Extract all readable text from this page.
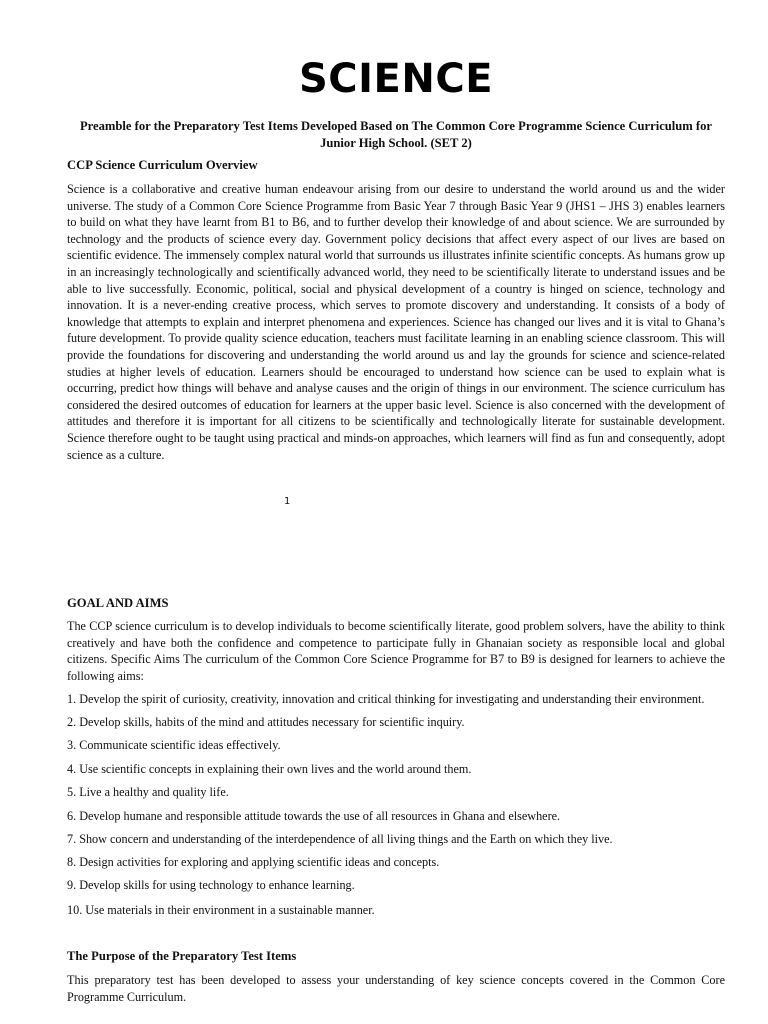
SCIENCE
Preamble for the Preparatory Test Items Developed Based on The Common Core Programme Science Curriculum for Junior High School. (SET 2)
CCP Science Curriculum Overview
Science is a collaborative and creative human endeavour arising from our desire to understand the world around us and the wider universe. The study of a Common Core Science Programme from Basic Year 7 through Basic Year 9 (JHS1 – JHS 3) enables learners to build on what they have learnt from B1 to B6, and to further develop their knowledge of and about science. We are surrounded by technology and the products of science every day. Government policy decisions that affect every aspect of our lives are based on scientific evidence. The immensely complex natural world that surrounds us illustrates infinite scientific concepts. As humans grow up in an increasingly technologically and scientifically advanced world, they need to be scientifically literate to understand issues and be able to live successfully. Economic, political, social and physical development of a country is hinged on science, technology and innovation. It is a never-ending creative process, which serves to promote discovery and understanding. It consists of a body of knowledge that attempts to explain and interpret phenomena and experiences. Science has changed our lives and it is vital to Ghana’s future development. To provide quality science education, teachers must facilitate learning in an enabling science classroom. This will provide the foundations for discovering and understanding the world around us and lay the grounds for science and science-related studies at higher levels of education. Learners should be encouraged to understand how science can be used to explain what is occurring, predict how things will behave and analyse causes and the origin of things in our environment. The science curriculum has considered the desired outcomes of education for learners at the upper basic level. Science is also concerned with the development of attitudes and therefore it is important for all citizens to be scientifically and technologically literate for sustainable development. Science therefore ought to be taught using practical and minds-on approaches, which learners will find as fun and consequently, adopt science as a culture.
1
GOAL AND AIMS
The CCP science curriculum is to develop individuals to become scientifically literate, good problem solvers, have the ability to think creatively and have both the confidence and competence to participate fully in Ghanaian society as responsible local and global citizens. Specific Aims The curriculum of the Common Core Science Programme for B7 to B9 is designed for learners to achieve the following aims:
1. Develop the spirit of curiosity, creativity, innovation and critical thinking for investigating and understanding their environment.
2. Develop skills, habits of the mind and attitudes necessary for scientific inquiry.
3. Communicate scientific ideas effectively.
4. Use scientific concepts in explaining their own lives and the world around them.
5. Live a healthy and quality life.
6. Develop humane and responsible attitude towards the use of all resources in Ghana and elsewhere.
7. Show concern and understanding of the interdependence of all living things and the Earth on which they live.
8. Design activities for exploring and applying scientific ideas and concepts.
9. Develop skills for using technology to enhance learning.
10. Use materials in their environment in a sustainable manner.
The Purpose of the Preparatory Test Items
This preparatory test has been developed to assess your understanding of key science concepts covered in the Common Core Programme Curriculum.
